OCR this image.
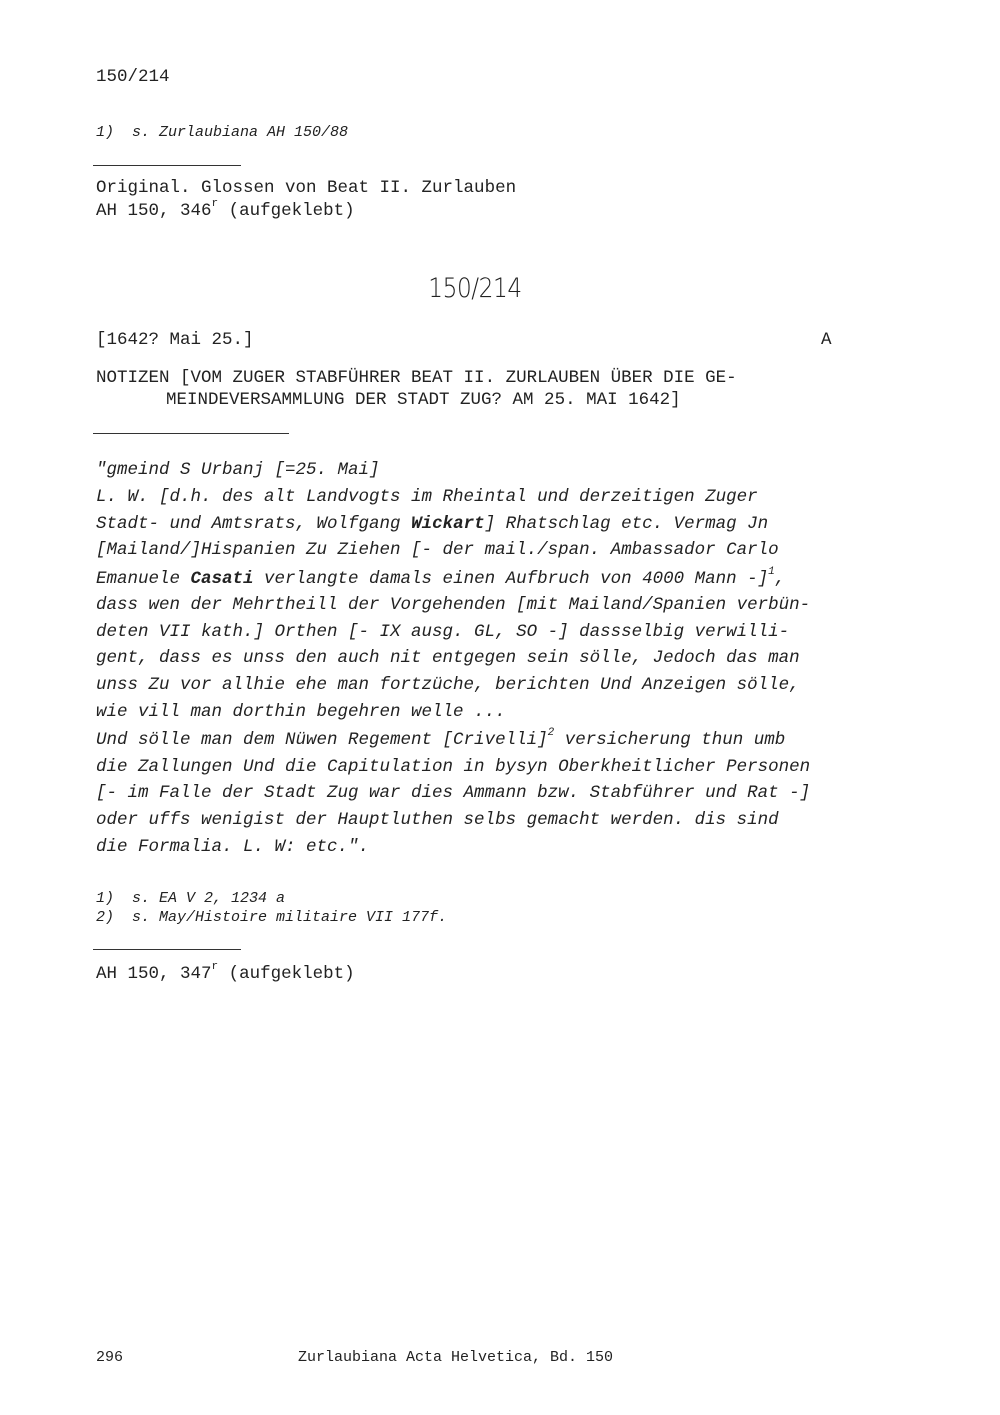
150/214
1)  s. Zurlaubiana AH 150/88
Original. Glossen von Beat II. Zurlauben
AH 150, 346$^r$ (aufgeklebt)
150/214
[1642? Mai 25.]	A
NOTIZEN [VOM ZUGER STABFÜHRER BEAT II. ZURLAUBEN ÜBER DIE GE-
MEINDEVERSAMMLUNG DER STADT ZUG? AM 25. MAI 1642]
"gmeind S Urbanj [=25. Mai]
L. W. [d.h. des alt Landvogts im Rheintal und derzeitigen Zuger
Stadt- und Amtsrats, Wolfgang Wickart] Rhatschlag etc. Vermag Jn
[Mailand/]Hispanien Zu Ziehen [- der mail./span. Ambassador Carlo
Emanuele Casati verlangte damals einen Aufbruch von 4000 Mann -]$^1$,
dass wen der Mehrtheill der Vorgehenden [mit Mailand/Spanien verbün-
deten VII kath.] Orthen [- IX ausg. GL, SO -] dassselbig verwilli-
gent, dass es unss den auch nit entgegen sein sölle, Jedoch das man
unss Zu vor allhie ehe man fortzüche, berichten Und Anzeigen sölle,
wie vill man dorthin begehren welle ...
Und sölle man dem Nüwen Regement [Crivelli]$^2$ versicherung thun umb
die Zallungen Und die Capitulation in bysyn Oberkheitlicher Personen
[- im Falle der Stadt Zug war dies Ammann bzw. Stabführer und Rat -]
oder uffs wenigist der Hauptluthen selbs gemacht werden. dis sind
die Formalia. L. W: etc.".
1)  s. EA V 2, 1234 a
2)  s. May/Histoire militaire VII 177f.
AH 150, 347$^r$ (aufgeklebt)
296	Zurlaubiana Acta Helvetica, Bd. 150
